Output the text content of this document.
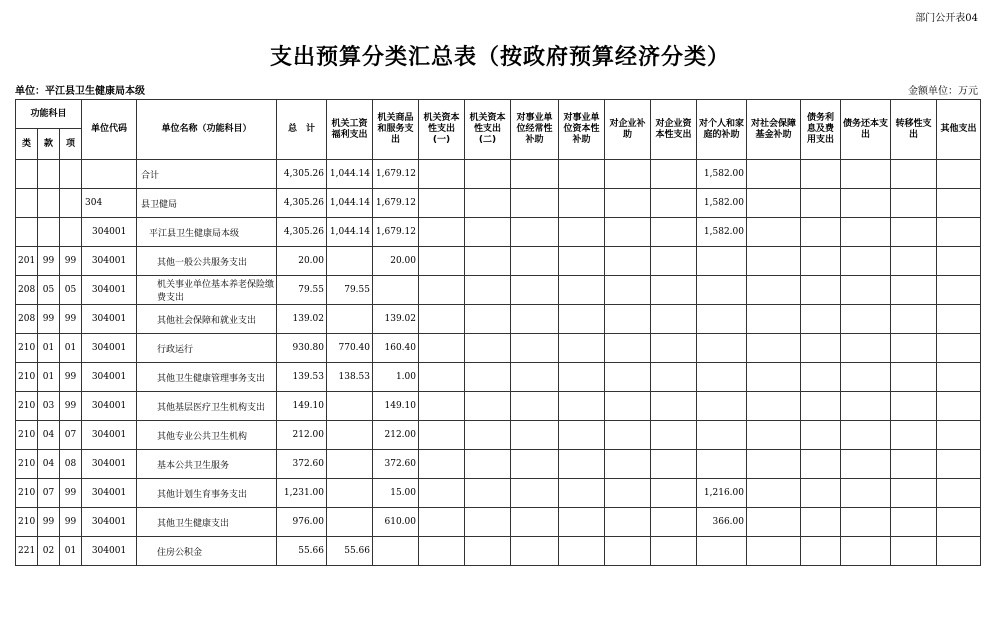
部门公开表04
支出预算分类汇总表（按政府预算经济分类）
单位：平江县卫生健康局本级	金额单位：万元
功能科目			单位代码	单位名称（功能科目）	总　计	机关工资福利支出	机关商品和服务支出	机关资本性支出(一)	机关资本性支出(二)	对事业单位经常性补助	对事业单位资本性补助	对企业补助	对企业资本性支出	对个人和家庭的补助	对社会保障基金补助	债务利息及费用支出	债务还本支出	转移性支出	其他支出
类	款	项																	
				合计	4,305.26	1,044.14	1,679.12							1,582.00					
			304	县卫健局	4,305.26	1,044.14	1,679.12							1,582.00					
			304001	平江县卫生健康局本级	4,305.26	1,044.14	1,679.12							1,582.00					
201	99	99	304001	其他一般公共服务支出	20.00		20.00												
208	05	05	304001	机关事业单位基本养老保险缴费支出	79.55	79.55													
208	99	99	304001	其他社会保障和就业支出	139.02		139.02												
210	01	01	304001	行政运行	930.80	770.40	160.40												
210	01	99	304001	其他卫生健康管理事务支出	139.53	138.53	1.00												
210	03	99	304001	其他基层医疗卫生机构支出	149.10		149.10												
210	04	07	304001	其他专业公共卫生机构	212.00		212.00												
210	04	08	304001	基本公共卫生服务	372.60		372.60												
210	07	99	304001	其他计划生育事务支出	1,231.00		15.00							1,216.00					
210	99	99	304001	其他卫生健康支出	976.00		610.00							366.00					
221	02	01	304001	住房公积金	55.66	55.66													
